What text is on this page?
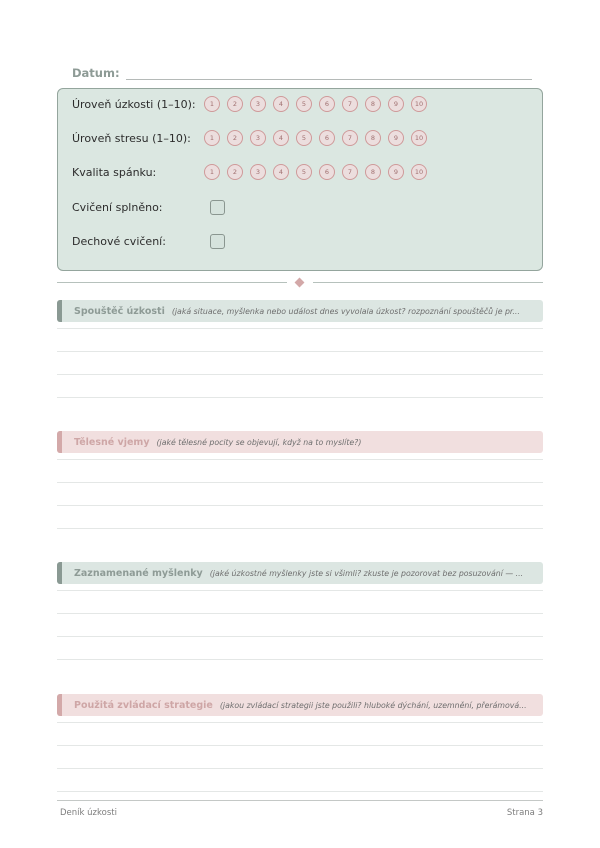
Datum:
Úroveň úzkosti (1–10):	1	2	3	4	5	6	7	8	9	10
Úroveň stresu (1–10):	1	2	3	4	5	6	7	8	9	10
Kvalita spánku:	1	2	3	4	5	6	7	8	9	10
Cvičení splněno:
Dechové cvičení:
Spouštěč úzkosti (jaká situace, myšlenka nebo událost dnes vyvolala úzkost? rozpoznání spouštěčů je pr...
Tělesné vjemy (jaké tělesné pocity se objevují, když na to myslíte?)
Zaznamenané myšlenky (jaké úzkostné myšlenky jste si všimli? zkuste je pozorovat bez posuzování — ...
Použitá zvládací strategie (jakou zvládací strategii jste použili? hluboké dýchání, uzemnění, přerámová...
Deník úzkosti	Strana 3
